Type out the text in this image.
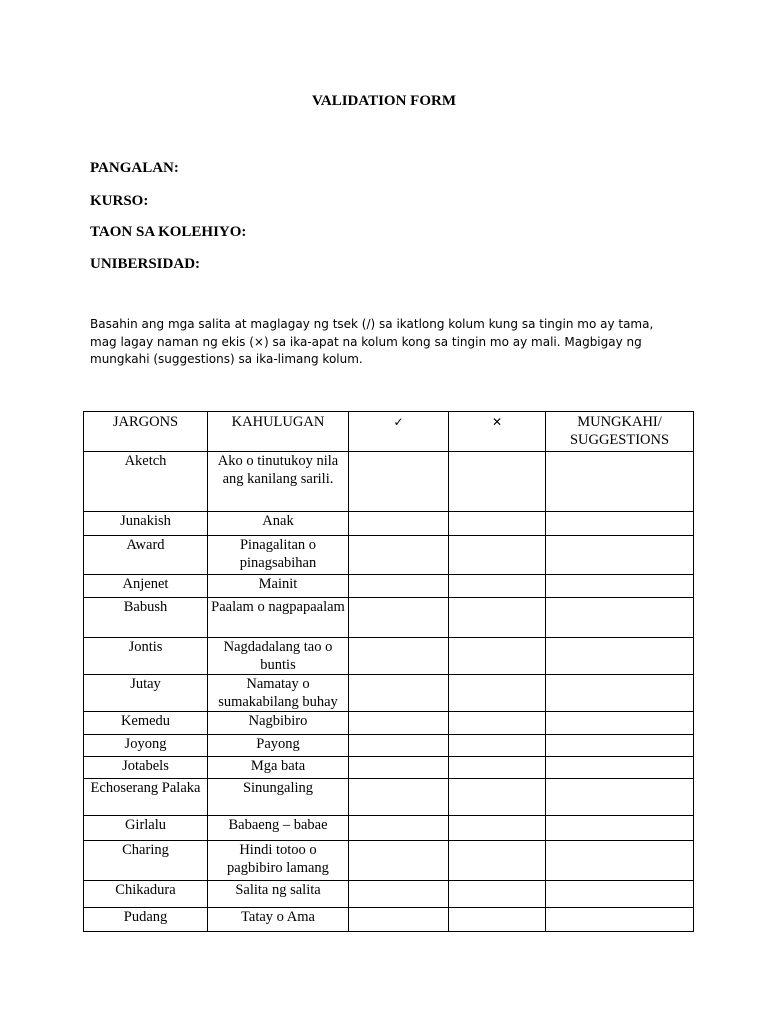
VALIDATION FORM
PANGALAN:
KURSO:
TAON SA KOLEHIYO:
UNIBERSIDAD:
Basahin ang mga salita at maglagay ng tsek (/) sa ikatlong kolum kung sa tingin mo ay tama, mag lagay naman ng ekis (×) sa ika-apat na kolum kong sa tingin mo ay mali. Magbigay ng mungkahi (suggestions) sa ika-limang kolum.
JARGONS	KAHULUGAN	✓	✕	MUNGKAHI/ SUGGESTIONS
Aketch	Ako o tinutukoy nila ang kanilang sarili.			
Junakish	Anak			
Award	Pinagalitan o pinagsabihan			
Anjenet	Mainit			
Babush	Paalam o nagpapaalam			
Jontis	Nagdadalang tao o buntis			
Jutay	Namatay o sumakabilang buhay			
Kemedu	Nagbibiro			
Joyong	Payong			
Jotabels	Mga bata			
Echoserang Palaka	Sinungaling			
Girlalu	Babaeng – babae			
Charing	Hindi totoo o pagbibiro lamang			
Chikadura	Salita ng salita			
Pudang	Tatay o Ama			
